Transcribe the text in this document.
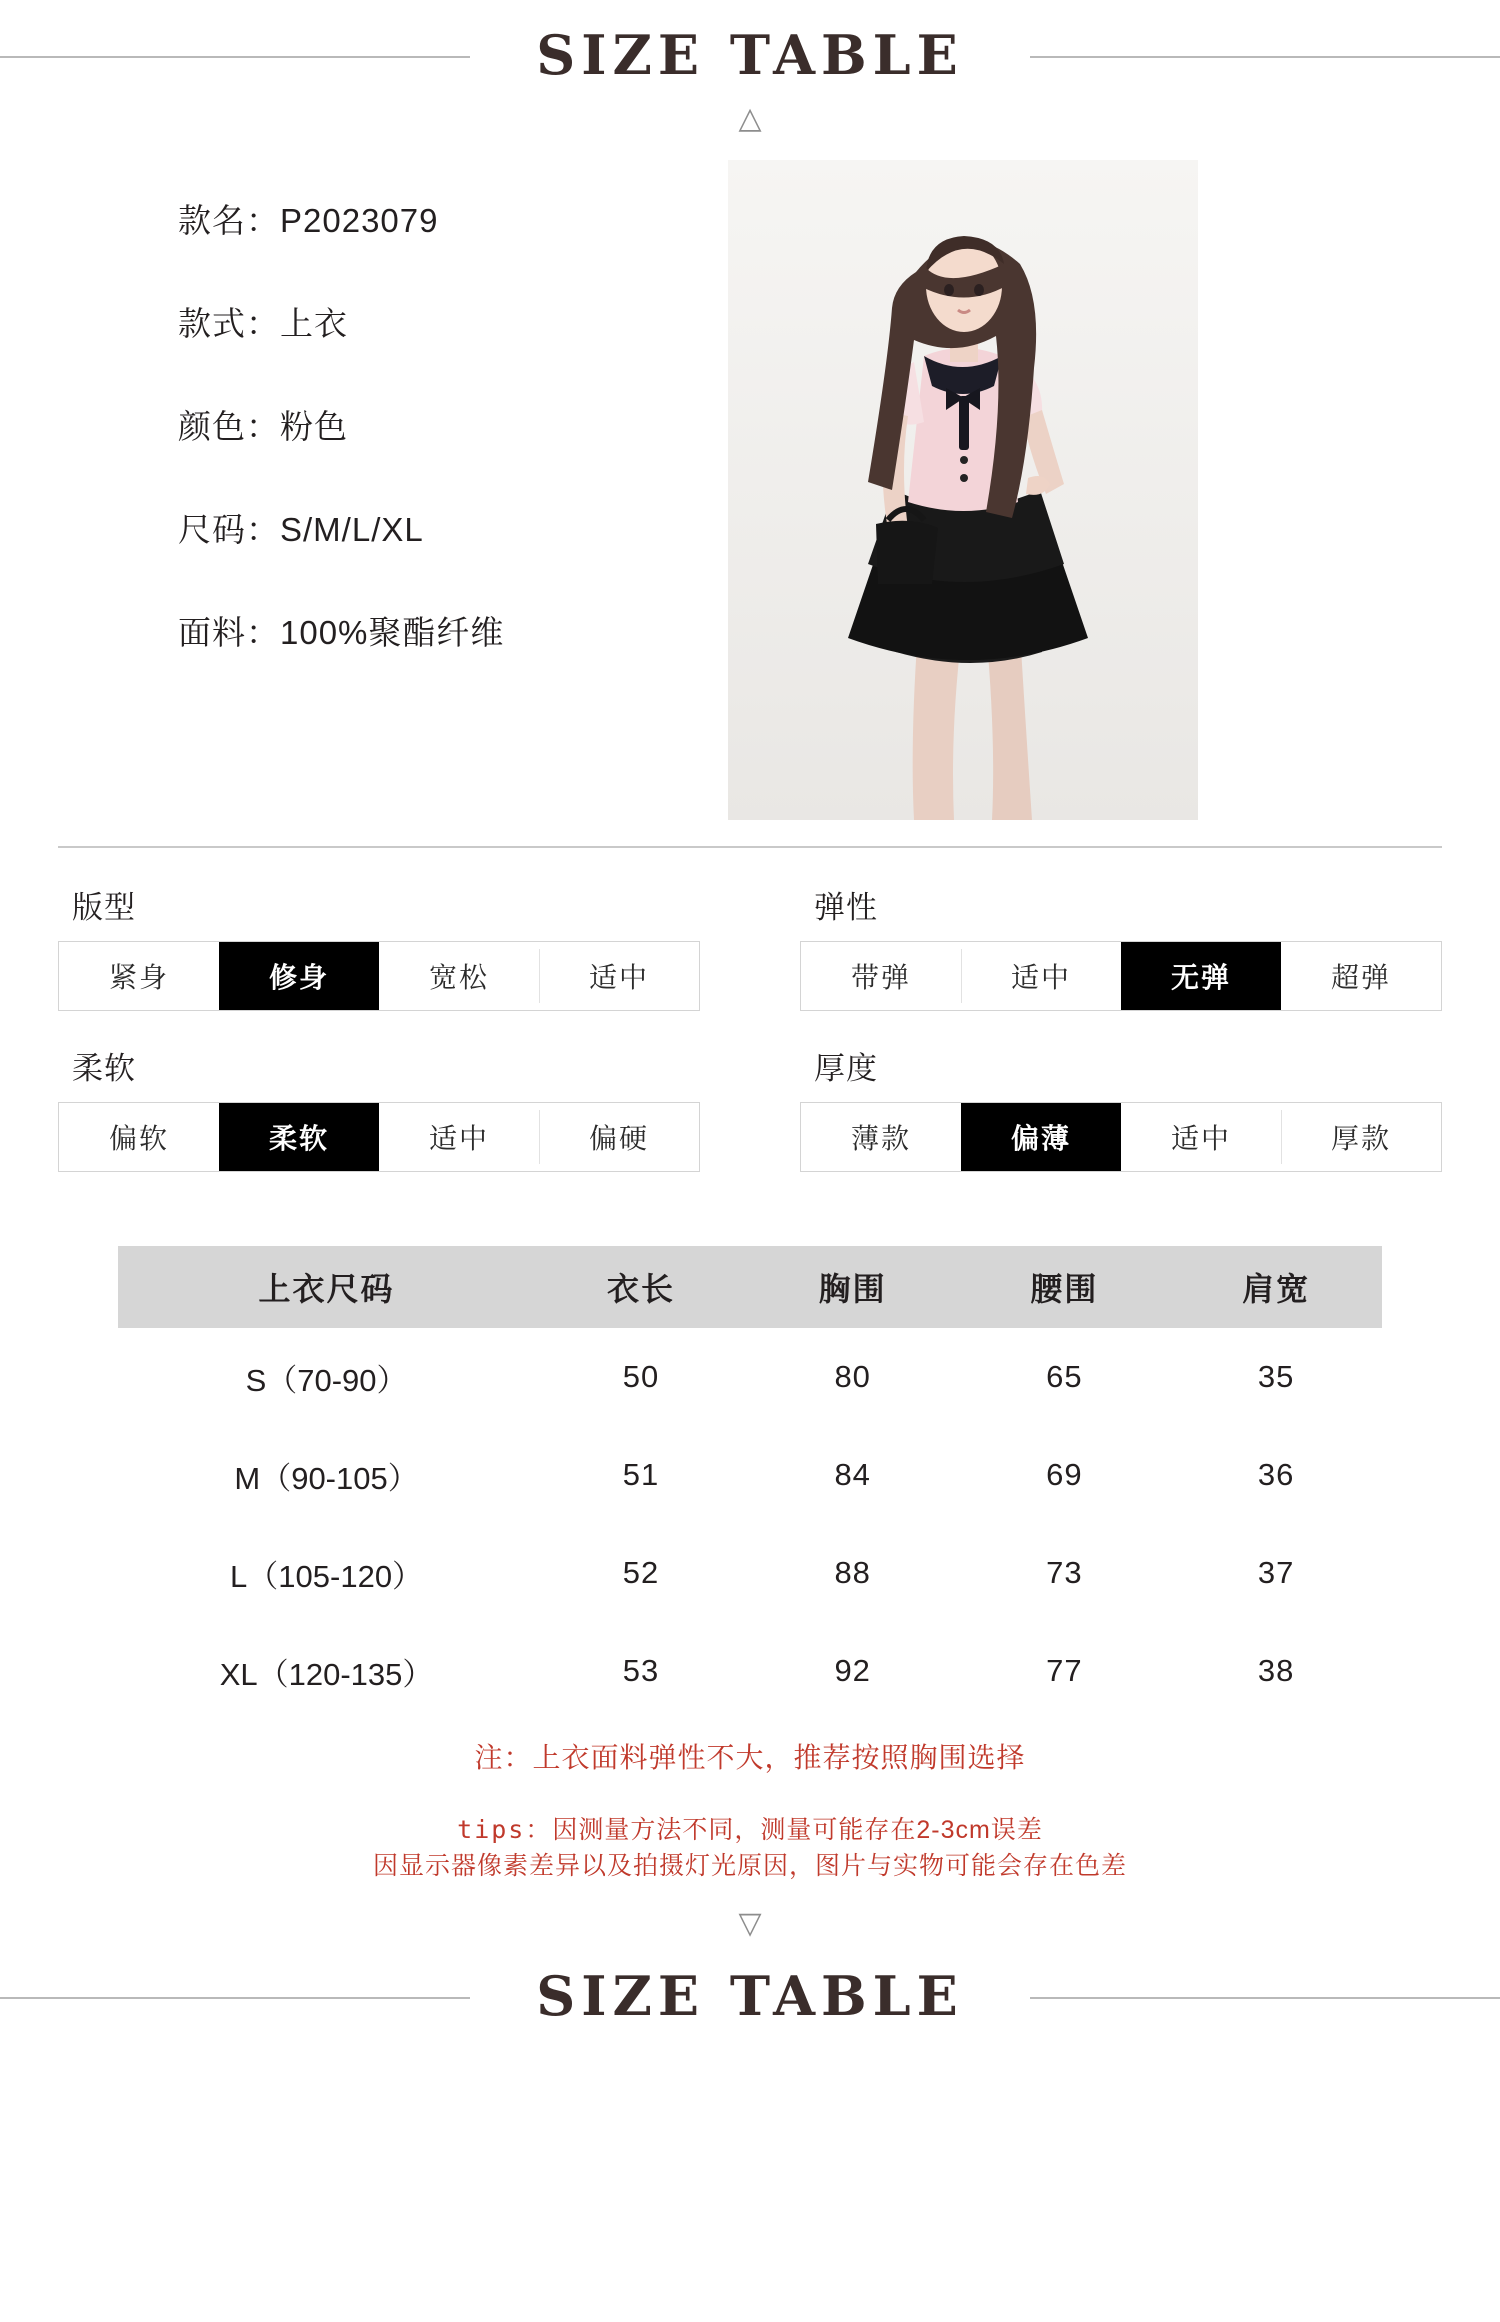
SIZE TABLE
△
款名：P2023079
款式：上衣
颜色：粉色
尺码：S/M/L/XL
面料：100%聚酯纤维
版型
紧身	修身	宽松	适中
弹性
带弹	适中	无弹	超弹
柔软
偏软	柔软	适中	偏硬
厚度
薄款	偏薄	适中	厚款
上衣尺码	衣长	胸围	腰围	肩宽
S（70-90）	50	80	65	35
M（90-105）	51	84	69	36
L（105-120）	52	88	73	37
XL（120-135）	53	92	77	38
注：上衣面料弹性不大，推荐按照胸围选择
tips：因测量方法不同，测量可能存在2-3cm误差
因显示器像素差异以及拍摄灯光原因，图片与实物可能会存在色差
▽
SIZE TABLE
